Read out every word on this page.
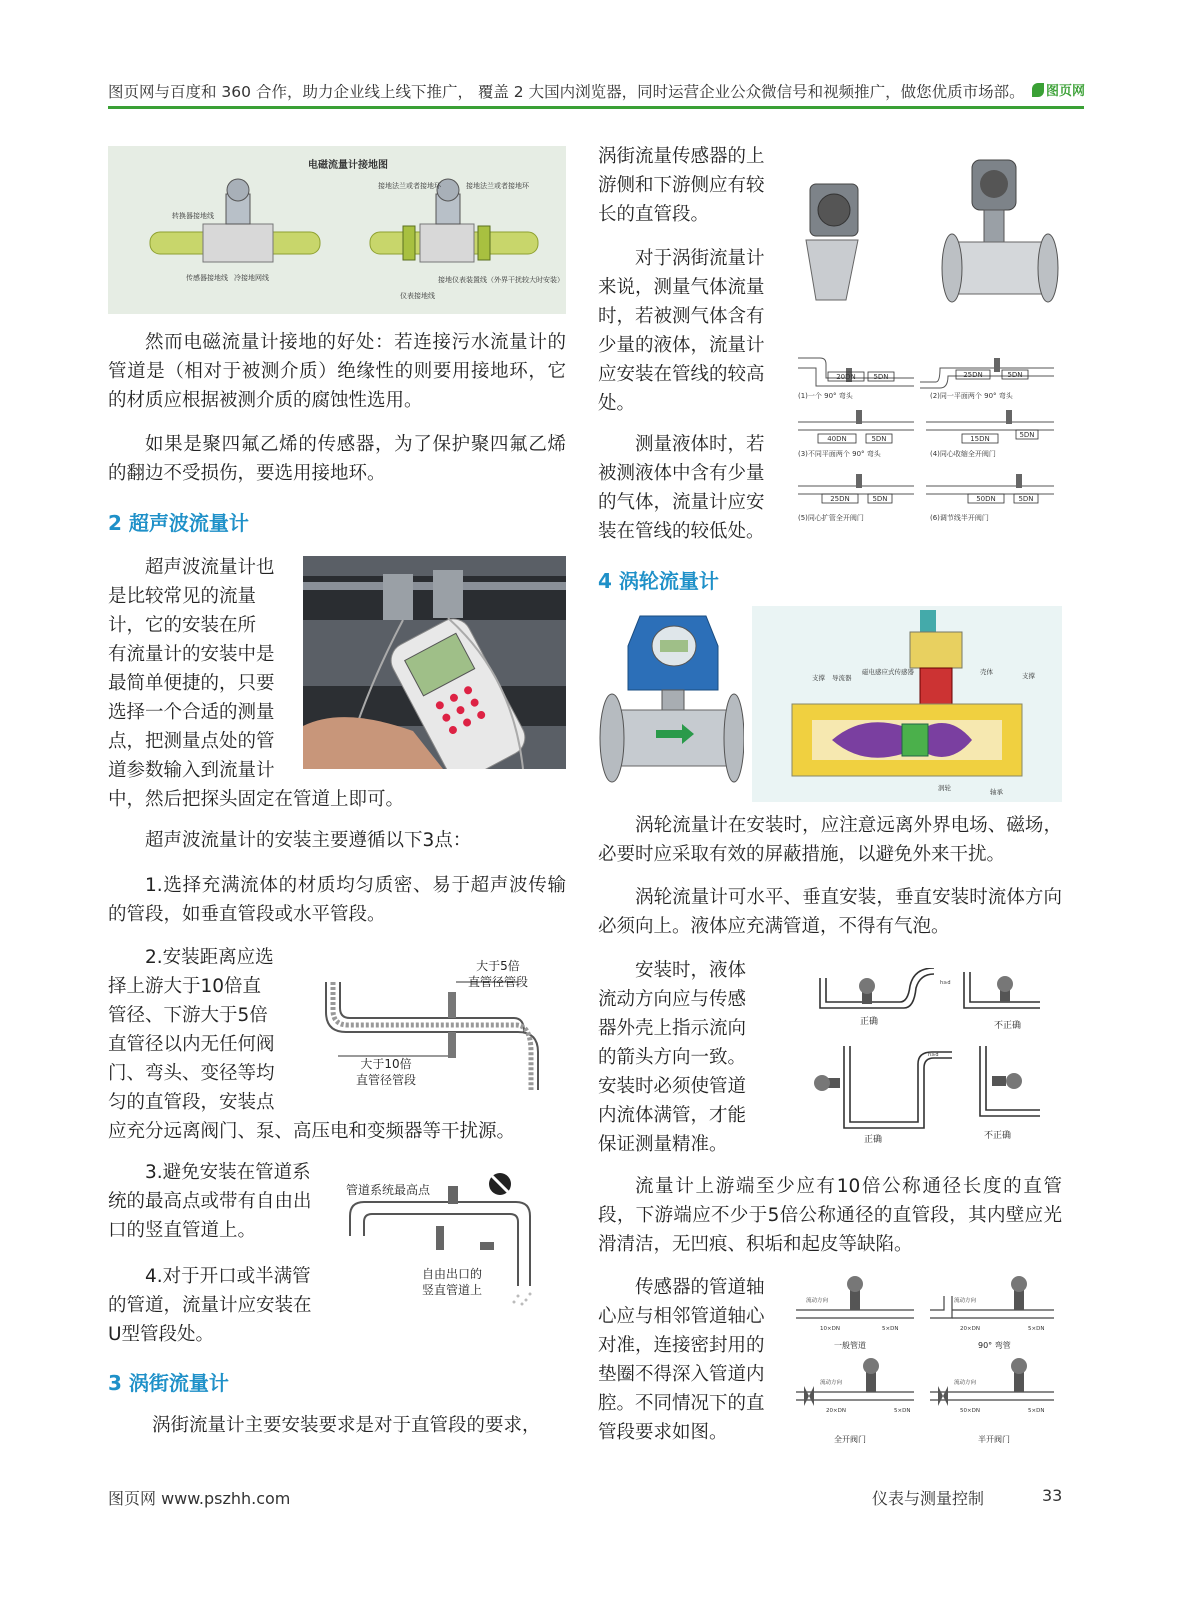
图页网与百度和 360 合作，助力企业线上线下推广， 覆盖 2 大国内浏览器，同时运营企业公众微信号和视频推广，做您优质市场部。	图页网
电磁流量计接地图
转换器接地线
传感器接地线 冷接地网线
接地法兰或者接地环	接地法兰或者接地环
仪表接地线
接地仪表装置线（外界干扰较大时安装）

然而电磁流量计接地的好处：若连接污水流量计的管道是（相对于被测介质）绝缘性的则要用接地环，它的材质应根据被测介质的腐蚀性选用。

如果是聚四氟乙烯的传感器，为了保护聚四氟乙烯的翻边不受损伤，要选用接地环。

2 超声波流量计
超声波流量计也
是比较常见的流量
计，它的安装在所
有流量计的安装中是
最简单便捷的，只要
选择一个合适的测量
点，把测量点处的管
道参数输入到流量计
中，然后把探头固定在管道上即可。

超声波流量计的安装主要遵循以下3点：

1.选择充满流体的材质均匀质密、易于超声波传输的管段，如垂直管段或水平管段。

2.安装距离应选
择上游大于10倍直
管径、下游大于5倍
直管径以内无任何阀
门、弯头、变径等均
匀的直管段，安装点
应充分远离阀门、泵、高压电和变频器等干扰源。
大于5倍
直管径管段
大于10倍
直管径管段
3.避免安装在管道系
统的最高点或带有自由出
口的竖直管道上。
管道系统最高点
自由出口的
竖直管道上
4.对于开口或半满管
的管道，流量计应安装在
U型管段处。
3 涡街流量计

涡街流量计主要安装要求是对于直管段的要求，

涡街流量传感器的上
游侧和下游侧应有较
长的直管段。
对于涡街流量计
来说，测量气体流量
时，若被测气体含有
少量的液体，流量计
应安装在管线的较高
处。
测量液体时，若
被测液体中含有少量
的气体，流量计应安
装在管线的较低处。
20DN	5DN
(1)一个 90° 弯头
25DN	5DN
(2)同一平面两个 90° 弯头
40DN	5DN
(3)不同平面两个 90° 弯头
15DN	5DN
(4)同心收缩全开阀门
25DN	5DN
(5)同心扩管全开阀门
50DN	5DN
(6)调节线半开阀门
4 涡轮流量计
壳体
支撑 导流器
磁电感应式传感器	支撑
涡轮	轴承

涡轮流量计在安装时，应注意远离外界电场、磁场，必要时应采取有效的屏蔽措施，以避免外来干扰。

涡轮流量计可水平、垂直安装，垂直安装时流体方向必须向上。液体应充满管道，不得有气泡。

安装时，液体
流动方向应与传感
器外壳上指示流向
的箭头方向一致。
安装时必须使管道
内流体满管，才能
保证测量精准。
正确	不正确
正确	不正确
h≥d
h≥d

流量计上游端至少应有10倍公称通径长度的直管段，下游端应不少于5倍公称通径的直管段，其内壁应光滑清洁，无凹痕、积垢和起皮等缺陷。

传感器的管道轴
心应与相邻管道轴心
对准，连接密封用的
垫圈不得深入管道内
腔。不同情况下的直
管段要求如图。
流动方向	流动方向
流动方向	流动方向
10×DN	5×DN	20×DN	5×DN
20×DN	5×DN	50×DN	5×DN
一般管道	90° 弯管
全开阀门	半开阀门
图页网 www.pszhh.com	仪表与测量控制	33
